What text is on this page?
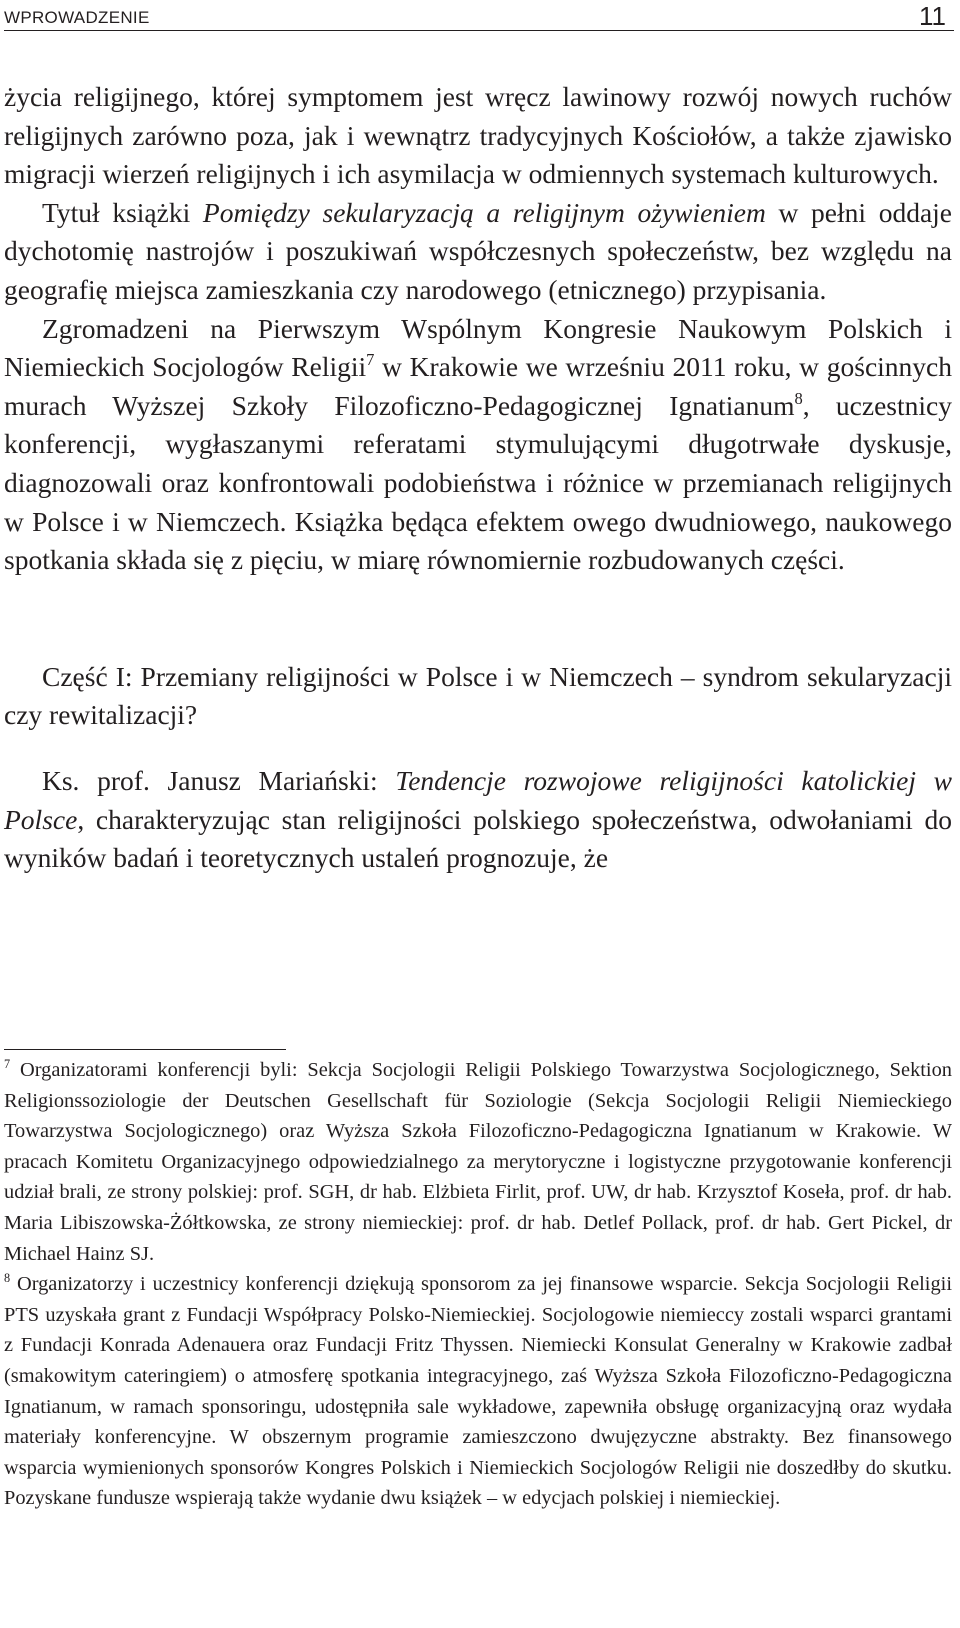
WPROWADZENIE	11

życia religijnego, której symptomem jest wręcz lawinowy rozwój nowych ruchów religijnych zarówno poza, jak i wewnątrz tradycyjnych Kościołów, a także zjawisko migracji wierzeń religijnych i ich asymilacja w odmiennych systemach kulturowych.

Tytuł książki Pomiędzy sekularyzacją a religijnym ożywieniem w pełni oddaje dychotomię nastrojów i poszukiwań współczesnych społeczeństw, bez względu na geografię miejsca zamieszkania czy narodowego (etnicznego) przypisania.

Zgromadzeni na Pierwszym Wspólnym Kongresie Naukowym Polskich i Niemieckich Socjologów Religii$^7$ w Krakowie we wrześniu 2011 roku, w gościnnych murach Wyższej Szkoły Filozoficzno-Pedagogicznej Ignatianum$^8$, uczestnicy konferencji, wygłaszanymi referatami stymulującymi długotrwałe dyskusje, diagnozowali oraz konfrontowali podobieństwa i różnice w przemianach religijnych w Polsce i w Niemczech. Książka będąca efektem owego dwudniowego, naukowego spotkania składa się z pięciu, w miarę równomiernie rozbudowanych części.

Część I: Przemiany religijności w Polsce i w Niemczech – syndrom sekularyzacji czy rewitalizacji?

Ks. prof. Janusz Mariański: Tendencje rozwojowe religijności katolickiej w Polsce, charakteryzując stan religijności polskiego społeczeństwa, odwołaniami do wyników badań i teoretycznych ustaleń prognozuje, że

$^7$ Organizatorami konferencji byli: Sekcja Socjologii Religii Polskiego Towarzystwa Socjologicznego, Sektion Religionssoziologie der Deutschen Gesellschaft für Soziologie (Sekcja Socjologii Religii Niemieckiego Towarzystwa Socjologicznego) oraz Wyższa Szkoła Filozoficzno-Pedagogiczna Ignatianum w Krakowie. W pracach Komitetu Organizacyjnego odpowiedzialnego za merytoryczne i logistyczne przygotowanie konferencji udział brali, ze strony polskiej: prof. SGH, dr hab. Elżbieta Firlit, prof. UW, dr hab. Krzysztof Koseła, prof. dr hab. Maria Libiszowska-Żółtkowska, ze strony niemieckiej: prof. dr hab. Detlef Pollack, prof. dr hab. Gert Pickel, dr Michael Hainz SJ.

$^8$ Organizatorzy i uczestnicy konferencji dziękują sponsorom za jej finansowe wsparcie. Sekcja Socjologii Religii PTS uzyskała grant z Fundacji Współpracy Polsko-Niemieckiej. Socjologowie niemieccy zostali wsparci grantami z Fundacji Konrada Adenauera oraz Fundacji Fritz Thyssen. Niemiecki Konsulat Generalny w Krakowie zadbał (smakowitym cateringiem) o atmosferę spotkania integracyjnego, zaś Wyższa Szkoła Filozoficzno-Pedagogiczna Ignatianum, w ramach sponsoringu, udostępniła sale wykładowe, zapewniła obsługę organizacyjną oraz wydała materiały konferencyjne. W obszernym programie zamieszczono dwujęzyczne abstrakty. Bez finansowego wsparcia wymienionych sponsorów Kongres Polskich i Niemieckich Socjologów Religii nie doszedłby do skutku. Pozyskane fundusze wspierają także wydanie dwu książek – w edycjach polskiej i niemieckiej.
